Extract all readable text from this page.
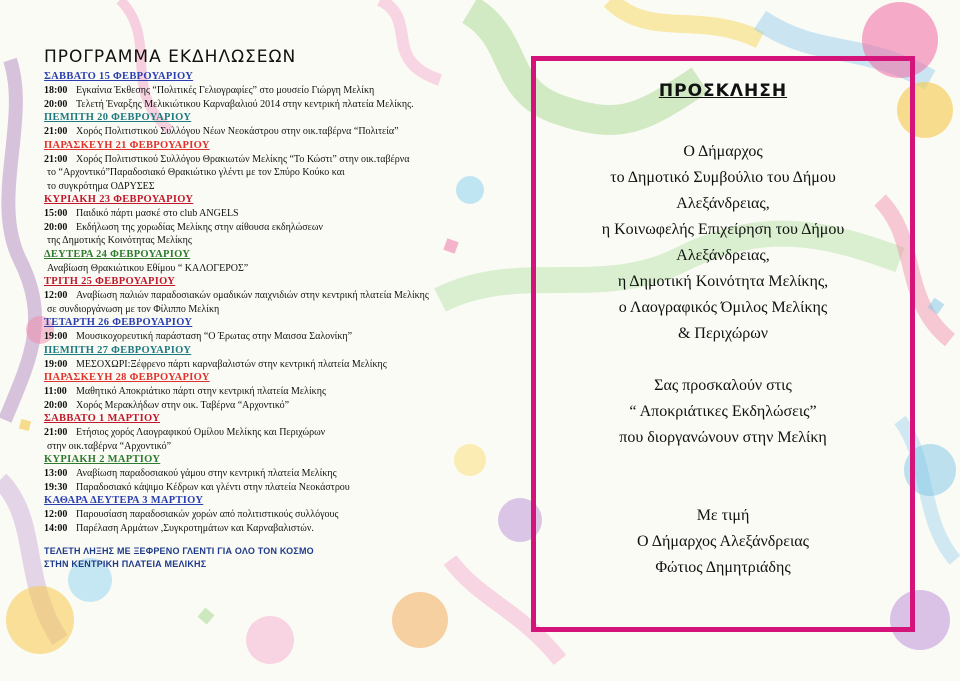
ΠΡΟΓΡΑΜΜΑ ΕΚΔΗΛΩΣΕΩΝ
ΣΑΒΒΑΤΟ 15 ΦΕΒΡΟΥΑΡΙΟΥ
18:00 Εγκαίνια Έκθεσης “Πολιτικές Γελιογραφίες” στο μουσείο Γιώργη Μελίκη
20:00 Τελετή Έναρξης Μελικιώτικου Καρναβαλιού 2014 στην κεντρική πλατεία Μελίκης.
ΠΕΜΠΤΗ 20 ΦΕΒΡΟΥΑΡΙΟΥ
21:00 Χορός Πολιτιστικού Συλλόγου Νέων Νεοκάστρου στην οικ.ταβέρνα “Πολιτεία”
ΠΑΡΑΣΚΕΥΗ 21 ΦΕΒΡΟΥΑΡΙΟΥ
21:00 Χορός Πολιτιστικού Συλλόγου Θρακιωτών Μελίκης “Το Κώστι” στην οικ.ταβέρνα
το “Αρχοντικό”Παραδοσιακό Θρακιώτικο γλέντι με τον Σπύρο Κούκο και
το συγκρότημα ΟΔΡΥΣΕΣ
ΚΥΡΙΑΚΗ 23 ΦΕΒΡΟΥΑΡΙΟΥ
15:00 Παιδικό πάρτι μασκέ στο club ANGELS
20:00 Εκδήλωση της χορωδίας Μελίκης στην αίθουσα εκδηλώσεων
της Δημοτικής Κοινότητας Μελίκης
ΔΕΥΤΕΡΑ 24 ΦΕΒΡΟΥΑΡΙΟΥ
Αναβίωση Θρακιώτικου Εθίμου “ ΚΑΛΟΓΕΡΟΣ”
ΤΡΙΤΗ 25 ΦΕΒΡΟΥΑΡΙΟΥ
12:00 Αναβίωση παλιών παραδοσιακών ομαδικών παιχνιδιών στην κεντρική πλατεία Μελίκης
σε συνδιοργάνωση με τον Φίλιππο Μελίκη
ΤΕΤΑΡΤΗ 26 ΦΕΒΡΟΥΑΡΙΟΥ
19:00 Μουσικοχορευτική παράσταση “Ο Έρωτας στην Μαισσα Σαλονίκη”
ΠΕΜΠΤΗ 27 ΦΕΒΡΟΥΑΡΙΟΥ
19:00 ΜΕΣΟΧΩΡΙ:Ξέφρενο πάρτι καρναβαλιστών στην κεντρική πλατεία Μελίκης
ΠΑΡΑΣΚΕΥΗ 28 ΦΕΒΡΟΥΑΡΙΟΥ
11:00 Μαθητικό Αποκριάτικο πάρτι στην κεντρική πλατεία Μελίκης
20:00 Χορός Μερακλήδων στην οικ. Ταβέρνα “Αρχοντικό”
ΣΑΒΒΑΤΟ 1 ΜΑΡΤΙΟΥ
21:00 Ετήσιος χορός Λαογραφικού Ομίλου Μελίκης και Περιχώρων
στην οικ.ταβέρνα “Αρχοντικό”
ΚΥΡΙΑΚΗ 2 ΜΑΡΤΙΟΥ
13:00 Αναβίωση παραδοσιακού γάμου στην κεντρική πλατεία Μελίκης
19:30 Παραδοσιακό κάψιμο Κέδρων και γλέντι στην πλατεία Νεοκάστρου
ΚΑΘΑΡΑ ΔΕΥΤΕΡΑ 3 ΜΑΡΤΙΟΥ
12:00 Παρουσίαση παραδοσιακών χορών από πολιτιστικούς συλλόγους
14:00 Παρέλαση Αρμάτων ,Συγκροτημάτων και Καρναβαλιστών.
ΤΕΛΕΤΗ ΛΗΞΗΣ ΜΕ ΞΕΦΡΕΝΟ ΓΛΕΝΤΙ ΓΙΑ ΟΛΟ ΤΟΝ ΚΟΣΜΟ
ΣΤΗΝ ΚΕΝΤΡΙΚΗ ΠΛΑΤΕΙΑ ΜΕΛΙΚΗΣ
ΠΡΟΣΚΛΗΣΗ
Ο Δήμαρχος
το Δημοτικό Συμβούλιο του Δήμου
Αλεξάνδρειας,
η Κοινωφελής Επιχείρηση του Δήμου
Αλεξάνδρειας,
η Δημοτική Κοινότητα Μελίκης,
ο Λαογραφικός Όμιλος Μελίκης
& Περιχώρων
Σας προσκαλούν στις
“ Αποκριάτικες Εκδηλώσεις”
που διοργανώνουν στην Μελίκη
Με τιμή
Ο Δήμαρχος Αλεξάνδρειας
Φώτιος Δημητριάδης
